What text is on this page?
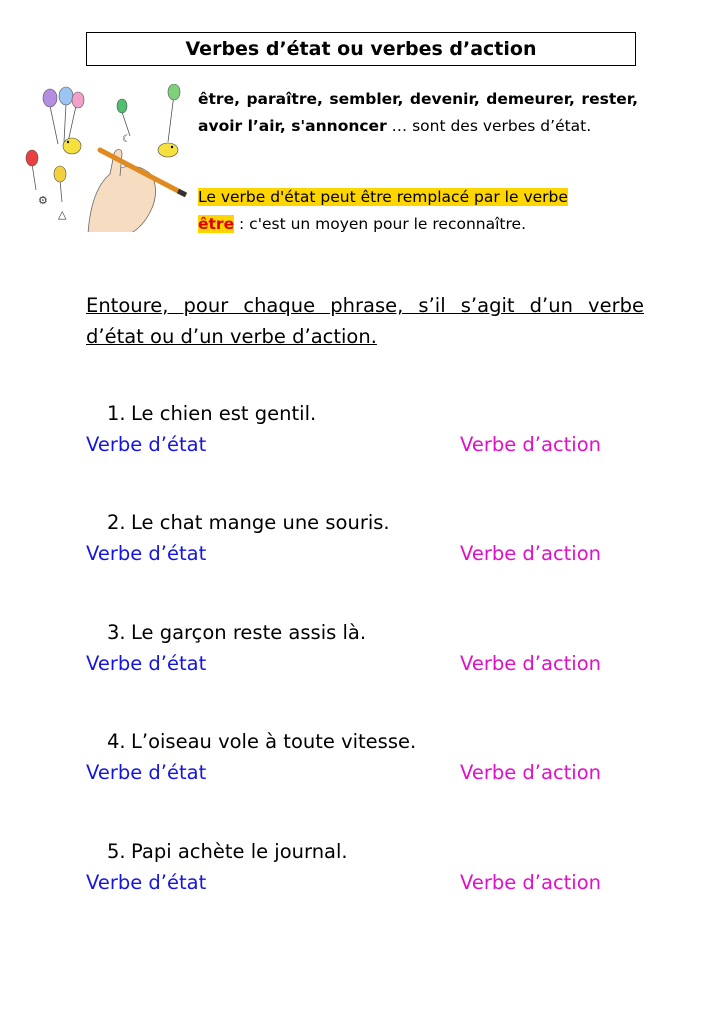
Verbes d’état ou verbes d’action
☾
⚙
△
être, paraître, sembler, devenir, demeurer, rester, avoir l’air, s'annoncer … sont des verbes d’état.
Le verbe d'état peut être remplacé par le verbe
être : c'est un moyen pour le reconnaître.
Entoure, pour chaque phrase, s’il s’agit d’un verbe d’état ou d’un verbe d’action.
1. Le chien est gentil.
Verbe d’état	Verbe d’action
2. Le chat mange une souris.
Verbe d’état	Verbe d’action
3. Le garçon reste assis là.
Verbe d’état	Verbe d’action
4. L’oiseau vole à toute vitesse.
Verbe d’état	Verbe d’action
5. Papi achète le journal.
Verbe d’état	Verbe d’action
